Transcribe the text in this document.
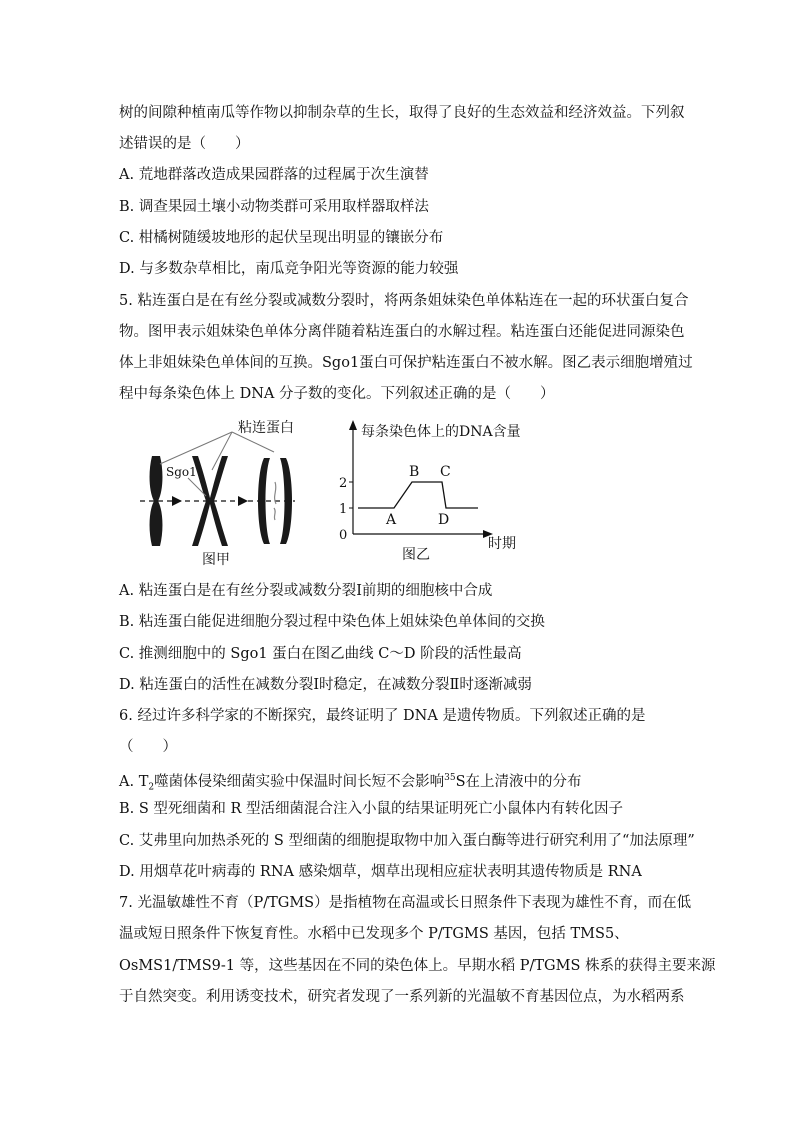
树的间隙种植南瓜等作物以抑制杂草的生长，取得了良好的生态效益和经济效益。下列叙
述错误的是（　　）
A. 荒地群落改造成果园群落的过程属于次生演替
B. 调查果园土壤小动物类群可采用取样器取样法
C. 柑橘树随缓坡地形的起伏呈现出明显的镶嵌分布
D. 与多数杂草相比，南瓜竞争阳光等资源的能力较强
5. 粘连蛋白是在有丝分裂或减数分裂时，将两条姐妹染色单体粘连在一起的环状蛋白复合
物。图甲表示姐妹染色单体分离伴随着粘连蛋白的水解过程。粘连蛋白还能促进同源染色
体上非姐妹染色单体间的互换。Sgo1蛋白可保护粘连蛋白不被水解。图乙表示细胞增殖过
程中每条染色体上 DNA 分子数的变化。下列叙述正确的是（　　）
粘连蛋白
Sgo1
图甲
每条染色体上的DNA含量
时期
图乙
2
1
0
A
B C
D
A. 粘连蛋白是在有丝分裂或减数分裂Ⅰ前期的细胞核中合成
B. 粘连蛋白能促进细胞分裂过程中染色体上姐妹染色单体间的交换
C. 推测细胞中的 Sgo1 蛋白在图乙曲线 C～D 阶段的活性最高
D. 粘连蛋白的活性在减数分裂Ⅰ时稳定，在减数分裂Ⅱ时逐渐减弱
6. 经过许多科学家的不断探究，最终证明了 DNA 是遗传物质。下列叙述正确的是
（　　）
A. $T_2$噬菌体侵染细菌实验中保温时间长短不会影响$^{35}$S在上清液中的分布
B. S 型死细菌和 R 型活细菌混合注入小鼠的结果证明死亡小鼠体内有转化因子
C. 艾弗里向加热杀死的 S 型细菌的细胞提取物中加入蛋白酶等进行研究利用了“加法原理”
D. 用烟草花叶病毒的 RNA 感染烟草，烟草出现相应症状表明其遗传物质是 RNA
7. 光温敏雄性不育（P/TGMS）是指植物在高温或长日照条件下表现为雄性不育，而在低
温或短日照条件下恢复育性。水稻中已发现多个 P/TGMS 基因，包括 TMS5、
OsMS1/TMS9-1 等，这些基因在不同的染色体上。早期水稻 P/TGMS 株系的获得主要来源
于自然突变。利用诱变技术，研究者发现了一系列新的光温敏不育基因位点，为水稻两系
